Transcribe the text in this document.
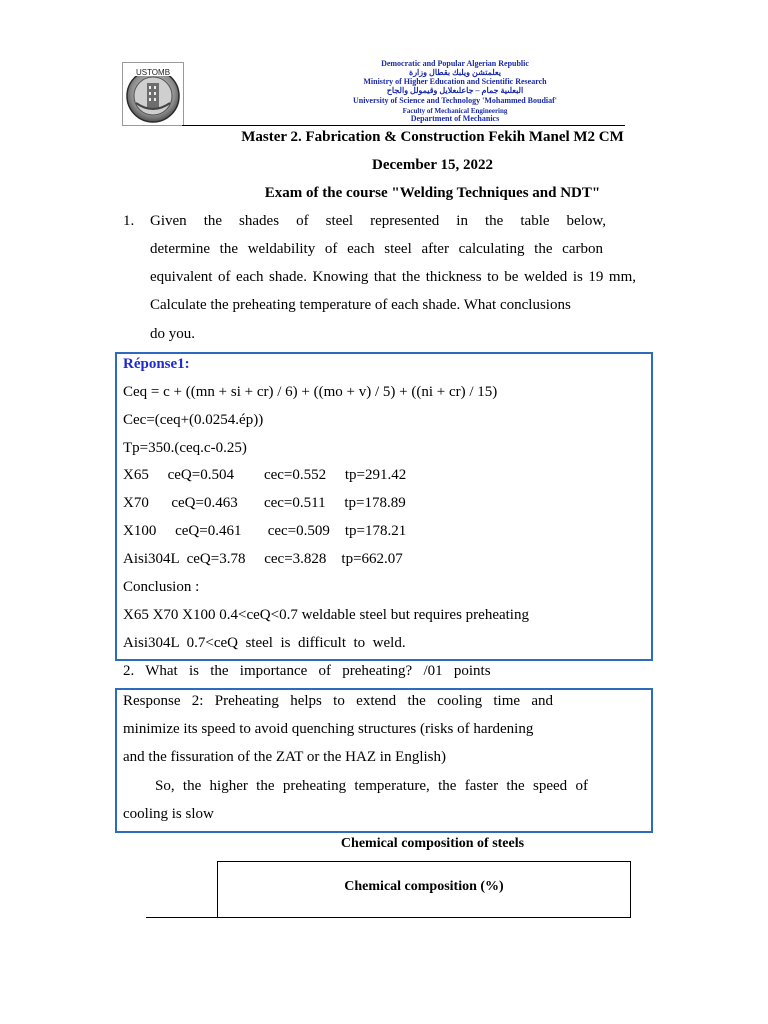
USTOMB
Democratic and Popular Algerian Republic
يعلمتشن ويلبك بقطال وزارة
Ministry of Higher Education and Scientific Research
البعلىية جمام – جاعلىعلايل وقيمولل والجاح
University of Science and Technology 'Mohammed Boudiaf'
Faculty of Mechanical Engineering
Department of Mechanics
Master 2. Fabrication & Construction Fekih Manel M2 CM
December 15, 2022
Exam of the course "Welding Techniques and NDT"
1. Given the shades of steel represented in the table below,
determine the weldability of each steel after calculating the carbon
equivalent of each shade. Knowing that the thickness to be welded is 19 mm,
Calculate the preheating temperature of each shade. What conclusions
do you.
Réponse1:
Ceq = c + ((mn + si + cr) / 6) + ((mo + v) / 5) + ((ni + cr) / 15)
Cec=(ceq+(0.0254.ép))
Tp=350.(ceq.c-0.25)
X65     ceQ=0.504        cec=0.552     tp=291.42
X70      ceQ=0.463       cec=0.511     tp=178.89
X100     ceQ=0.461       cec=0.509    tp=178.21
Aisi304L  ceQ=3.78     cec=3.828    tp=662.07
Conclusion :
X65 X70 X100 0.4<ceQ<0.7 weldable steel but requires preheating
Aisi304L  0.7<ceQ  steel  is  difficult  to  weld.
2.   What   is   the   importance   of   preheating?   /01   points
Response 2: Preheating helps to extend the cooling time and
minimize its speed to avoid quenching structures (risks of hardening
and the fissuration of the ZAT or the HAZ in English)
So, the higher the preheating temperature, the faster the speed of
cooling is slow
Chemical composition of steels
Chemical composition (%)
